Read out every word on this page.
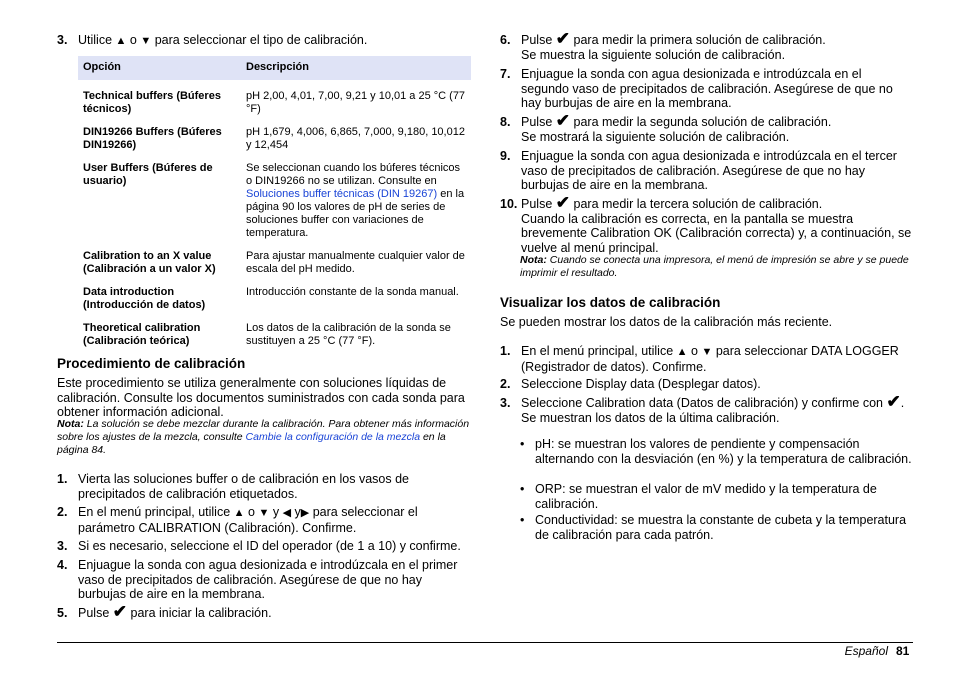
3. Utilice ▲ o ▼ para seleccionar el tipo de calibración.
Opción	Descripción
Technical buffers (Búferes técnicos)	pH 2,00, 4,01, 7,00, 9,21 y 10,01 a 25 °C (77 °F)
DIN19266 Buffers (Búferes DIN19266)	pH 1,679, 4,006, 6,865, 7,000, 9,180, 10,012 y 12,454
User Buffers (Búferes de usuario)	Se seleccionan cuando los búferes técnicos o DIN19266 no se utilizan. Consulte en Soluciones buffer técnicas (DIN 19267) en la página 90 los valores de pH de series de soluciones buffer con variaciones de temperatura.
Calibration to an X value (Calibración a un valor X)	Para ajustar manualmente cualquier valor de escala del pH medido.
Data introduction (Introducción de datos)	Introducción constante de la sonda manual.
Theoretical calibration (Calibración teórica)	Los datos de la calibración de la sonda se sustituyen a 25 °C (77 °F).
Procedimiento de calibración
Este procedimiento se utiliza generalmente con soluciones líquidas de calibración. Consulte los documentos suministrados con cada sonda para obtener información adicional.
Nota: La solución se debe mezclar durante la calibración. Para obtener más información sobre los ajustes de la mezcla, consulte Cambie la configuración de la mezcla en la página 84.
1. Vierta las soluciones buffer o de calibración en los vasos de precipitados de calibración etiquetados.
2. En el menú principal, utilice ▲ o ▼ y ◀ y▶ para seleccionar el parámetro CALIBRATION (Calibración). Confirme.
3. Si es necesario, seleccione el ID del operador (de 1 a 10) y confirme.
4. Enjuague la sonda con agua desionizada e introdúzcala en el primer vaso de precipitados de calibración. Asegúrese de que no hay burbujas de aire en la membrana.
5. Pulse ✔ para iniciar la calibración.
6. Pulse ✔ para medir la primera solución de calibración.
Se muestra la siguiente solución de calibración.
7. Enjuague la sonda con agua desionizada e introdúzcala en el segundo vaso de precipitados de calibración. Asegúrese de que no hay burbujas de aire en la membrana.
8. Pulse ✔ para medir la segunda solución de calibración.
Se mostrará la siguiente solución de calibración.
9. Enjuague la sonda con agua desionizada e introdúzcala en el tercer vaso de precipitados de calibración. Asegúrese de que no hay burbujas de aire en la membrana.
10. Pulse ✔ para medir la tercera solución de calibración.
Cuando la calibración es correcta, en la pantalla se muestra brevemente Calibration OK (Calibración correcta) y, a continuación, se vuelve al menú principal.
Nota: Cuando se conecta una impresora, el menú de impresión se abre y se puede imprimir el resultado.
Visualizar los datos de calibración
Se pueden mostrar los datos de la calibración más reciente.
1. En el menú principal, utilice ▲ o ▼ para seleccionar DATA LOGGER (Registrador de datos). Confirme.
2. Seleccione Display data (Desplegar datos).
3. Seleccione Calibration data (Datos de calibración) y confirme con ✔.
Se muestran los datos de la última calibración.
• pH: se muestran los valores de pendiente y compensación alternando con la desviación (en %) y la temperatura de calibración.
• ORP: se muestran el valor de mV medido y la temperatura de calibración.
• Conductividad: se muestra la constante de cubeta y la temperatura de calibración para cada patrón.
Español 81
